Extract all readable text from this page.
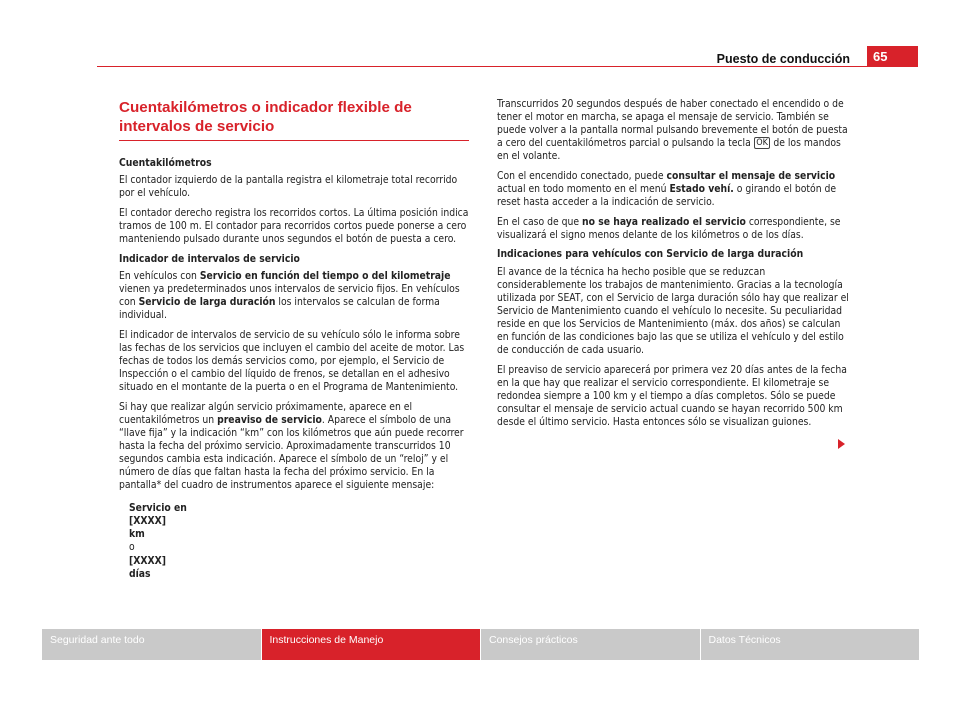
Puesto de conducción	65
Cuentakilómetros o indicador flexible de intervalos de servicio

Cuentakilómetros

El contador izquierdo de la pantalla registra el kilometraje total recorrido por el vehículo.

El contador derecho registra los recorridos cortos. La última posición indica tramos de 100 m. El contador para recorridos cortos puede ponerse a cero manteniendo pulsado durante unos segundos el botón de puesta a cero.

Indicador de intervalos de servicio

En vehículos con Servicio en función del tiempo o del kilometraje vienen ya predeterminados unos intervalos de servicio fijos. En vehículos con Servicio de larga duración los intervalos se calculan de forma individual.

El indicador de intervalos de servicio de su vehículo sólo le informa sobre las fechas de los servicios que incluyen el cambio del aceite de motor. Las fechas de todos los demás servicios como, por ejemplo, el Servicio de Inspección o el cambio del líquido de frenos, se detallan en el adhesivo situado en el montante de la puerta o en el Programa de Mantenimiento.

Si hay que realizar algún servicio próximamente, aparece en el cuentakilómetros un preaviso de servicio. Aparece el símbolo de una “llave fija” y la indicación “km” con los kilómetros que aún puede recorrer hasta la fecha del próximo servicio. Aproximadamente transcurridos 10 segundos cambia esta indicación. Aparece el símbolo de un “reloj” y el número de días que faltan hasta la fecha del próximo servicio. En la pantalla* del cuadro de instrumentos aparece el siguiente mensaje:

Servicio en
[XXXX]
km
o
[XXXX]
días

Transcurridos 20 segundos después de haber conectado el encendido o de tener el motor en marcha, se apaga el mensaje de servicio. También se puede volver a la pantalla normal pulsando brevemente el botón de puesta a cero del cuentakilómetros parcial o pulsando la tecla OK de los mandos en el volante.

Con el encendido conectado, puede consultar el mensaje de servicio actual en todo momento en el menú Estado vehí. o girando el botón de reset hasta acceder a la indicación de servicio.

En el caso de que no se haya realizado el servicio correspondiente, se visualizará el signo menos delante de los kilómetros o de los días.

Indicaciones para vehículos con Servicio de larga duración

El avance de la técnica ha hecho posible que se reduzcan considerablemente los trabajos de mantenimiento. Gracias a la tecnología utilizada por SEAT, con el Servicio de larga duración sólo hay que realizar el Servicio de Mantenimiento cuando el vehículo lo necesite. Su peculiaridad reside en que los Servicios de Mantenimiento (máx. dos años) se calculan en función de las condiciones bajo las que se utiliza el vehículo y del estilo de conducción de cada usuario.

El preaviso de servicio aparecerá por primera vez 20 días antes de la fecha en la que hay que realizar el servicio correspondiente. El kilometraje se redondea siempre a 100 km y el tiempo a días completos. Sólo se puede consultar el mensaje de servicio actual cuando se hayan recorrido 500 km desde el último servicio. Hasta entonces sólo se visualizan guiones.

Seguridad ante todo	Instrucciones de Manejo	Consejos prácticos	Datos Técnicos
